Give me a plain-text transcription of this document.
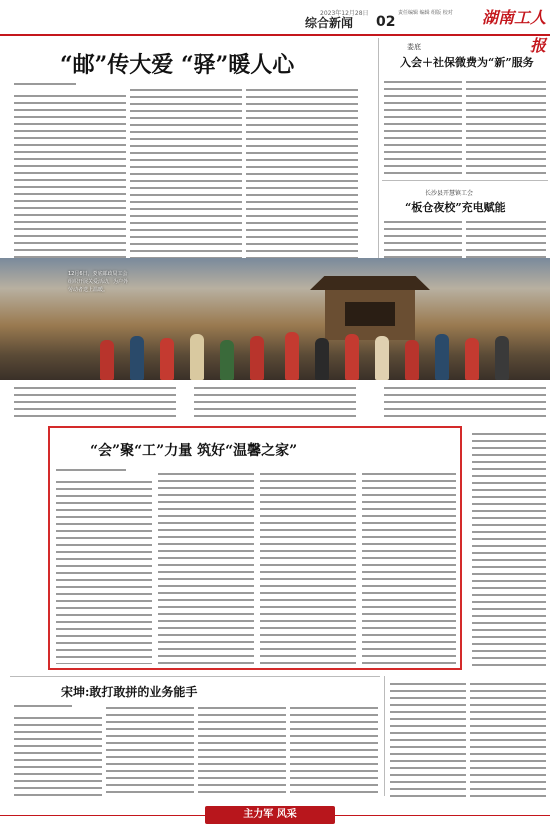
2023年12月28日
综合新闻	02
责任编辑 编辑 组版 校对	湖南工人报
“邮”传大爱 “驿”暖人心
娄底
入会＋社保微费为“新”服务
长沙县开慧镇工会
“板仓夜校”充电赋能
12月6日，娄底邮政局工会组织开展关爱活动，为户外劳动者送上温暖。
“会”聚“工”力量 筑好“温馨之家”
宋坤:敢打敢拼的业务能手
主力军 风采
